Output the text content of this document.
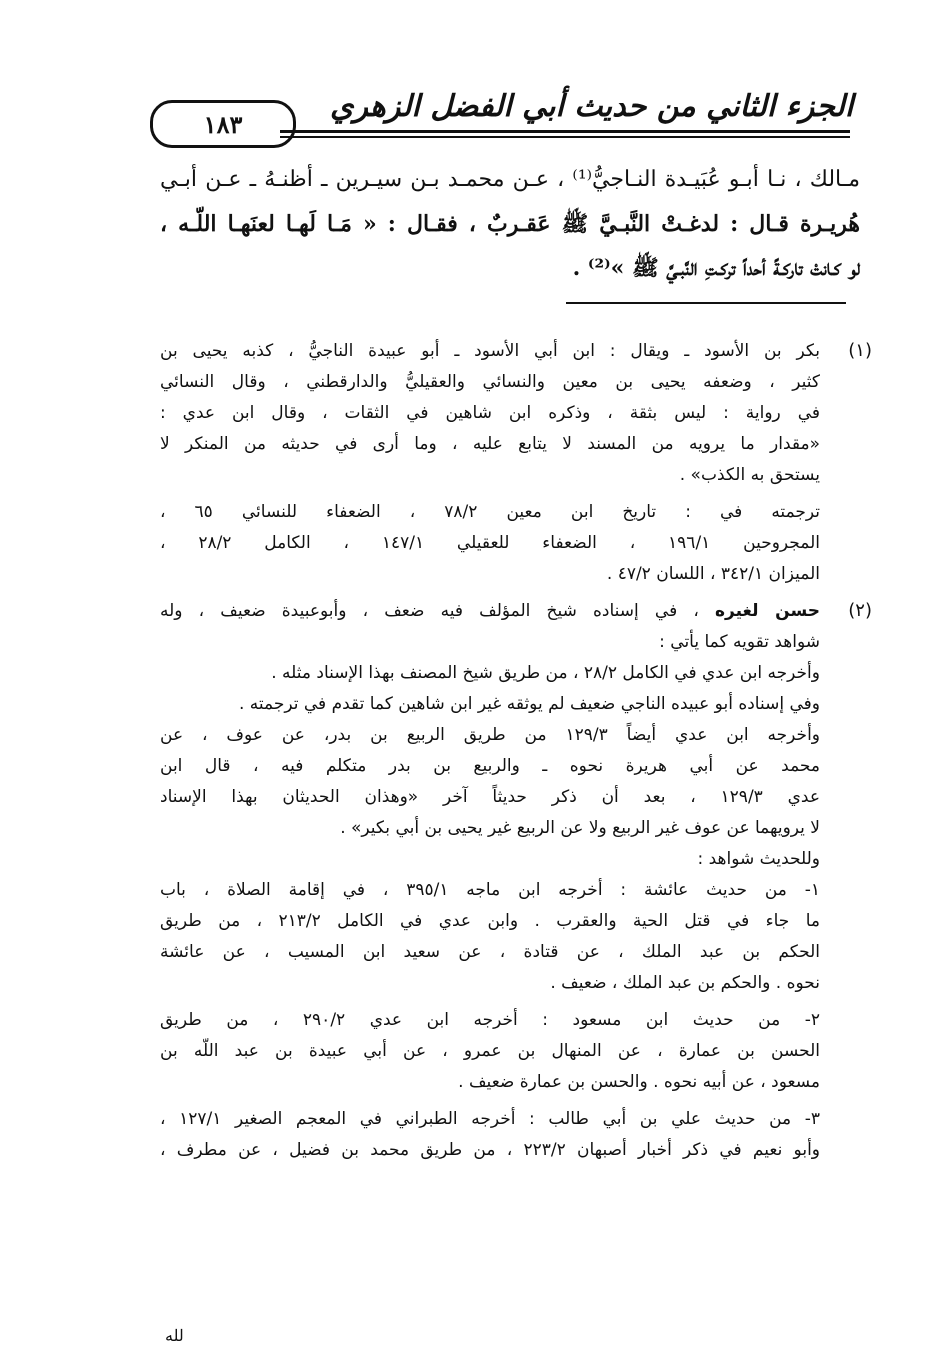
١٨٣
الجزء الثاني من حديث أبي الفضل الزهري
مـالك ، نـا أبـو عُبَيـدة النـاجيُّ⁽¹⁾ ، عـن محمـد بـن سيـرين ـ أظنـهُ ـ عـن أبـي
هُريـرة قـال : لدغـتْ النَّبـيَّ ﷺ عَقـربٌ ، فقـال : « مَـا لَهـا لعنَهـا اللّـه ،
لو كـانتْ تاركـةً أحداً تركـتِ النَّبـيَّ ﷺ »⁽²⁾ .
(١)
بكر بن الأسود ـ ويقال : ابن أبي الأسود ـ أبو عبيدة الناجيُّ ، كذبه يحيى بن
كثير ، وضعفه يحيى بن معين والنسائي والعقيليُّ والدارقطني ، وقال النسائي
في رواية : ليس بثقة ، وذكره ابن شاهين في الثقات ، وقال ابن عدي :
«مقدار ما يرويه من المسند لا يتابع عليه ، وما أرى في حديثه من المنكر لا
يستحق به الكذب» .
ترجمته في : تاريخ ابن معين ٧٨/٢ ، الضعفاء للنسائي ٦٥ ،
المجروحين ١٩٦/١ ، الضعفاء للعقيلي ١٤٧/١ ، الكامل ٢٨/٢ ،
الميزان ٣٤٢/١ ، اللسان ٤٧/٢ .
(٢)
حسن لغيره ، في إسناده شيخ المؤلف فيه ضعف ، وأبوعبيدة ضعيف ، وله
شواهد تقويه كما يأتي :
وأخرجه ابن عدي في الكامل ٢٨/٢ ، من طريق شيخ المصنف بهذا الإسناد مثله .
وفي إسناده أبو عبيده الناجي ضعيف لم يوثقه غير ابن شاهين كما تقدم في ترجمته .
وأخرجه ابن عدي أيضاً ١٢٩/٣ من طريق الربيع بن بدر، عن عوف ، عن
محمد عن أبي هريرة نحوه ـ والربيع بن بدر متكلم فيه ، قال ابن
عدي ١٢٩/٣ ، بعد أن ذكر حديثاً آخر «وهذان الحديثان بهذا الإسناد
لا يرويهما عن عوف غير الربيع ولا عن الربيع غير يحيى بن أبي بكير» .
وللحديث شواهد :
١- من حديث عائشة : أخرجه ابن ماجه ٣٩٥/١ ، في إقامة الصلاة ، باب
ما جاء في قتل الحية والعقرب . وابن عدي في الكامل ٢١٣/٢ ، من طريق
الحكم بن عبد الملك ، عن قتادة ، عن سعيد ابن المسيب ، عن عائشة
نحوه . والحكم بن عبد الملك ، ضعيف .
٢- من حديث ابن مسعود : أخرجه ابن عدي ٢٩٠/٢ ، من طريق
الحسن بن عمارة ، عن المنهال بن عمرو ، عن أبي عبيدة بن عبد اللّه بن
مسعود ، عن أبيه نحوه . والحسن بن عمارة ضعيف .
٣- من حديث علي بن أبي طالب : أخرجه الطبراني في المعجم الصغير ١٢٧/١ ،
وأبو نعيم في ذكر أخبار أصبهان ٢٢٣/٢ ، من طريق محمد بن فضيل ، عن مطرف ،
لله
